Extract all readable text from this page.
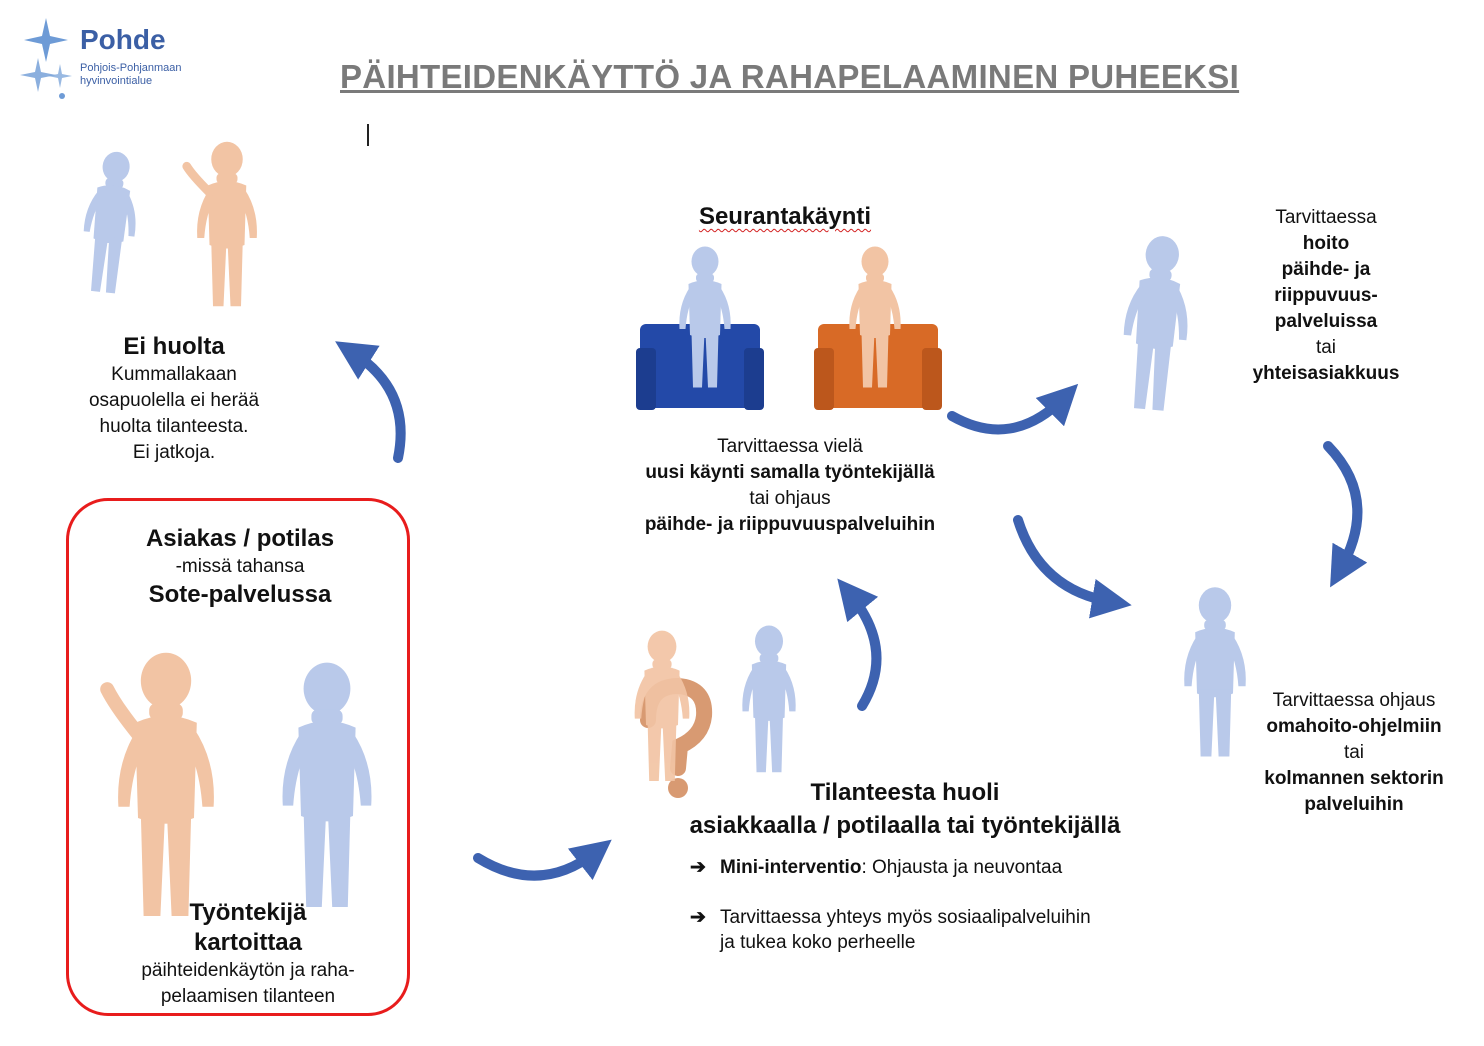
Pohde
Pohjois-Pohjanmaan
hyvinvointialue	PÄIHTEIDENKÄYTTÖ JA RAHAPELAAMINEN PUHEEKSI
Ei huolta
Kummallakaan
osapuolella ei herää
huolta tilanteesta.
Ei jatkoja.
Asiakas / potilas
-missä tahansa
Sote-palvelussa
Työntekijä
kartoittaa
päihteidenkäytön ja raha-
pelaamisen tilanteen
Seurantakäynti
Tarvittaessa vielä
uusi käynti samalla työntekijällä
tai ohjaus
päihde- ja riippuvuuspalveluihin
Tarvittaessa
hoito
päihde- ja
riippuvuus-
palveluissa
tai
yhteisasiakkuus
Tarvittaessa ohjaus
omahoito-ohjelmiin
tai
kolmannen sektorin
palveluihin
Tilanteesta huoli
asiakkaalla / potilaalla tai työntekijällä
➔ Mini-interventio: Ohjausta ja neuvontaa
➔ Tarvittaessa yhteys myös sosiaalipalveluihin
ja tukea koko perheelle
